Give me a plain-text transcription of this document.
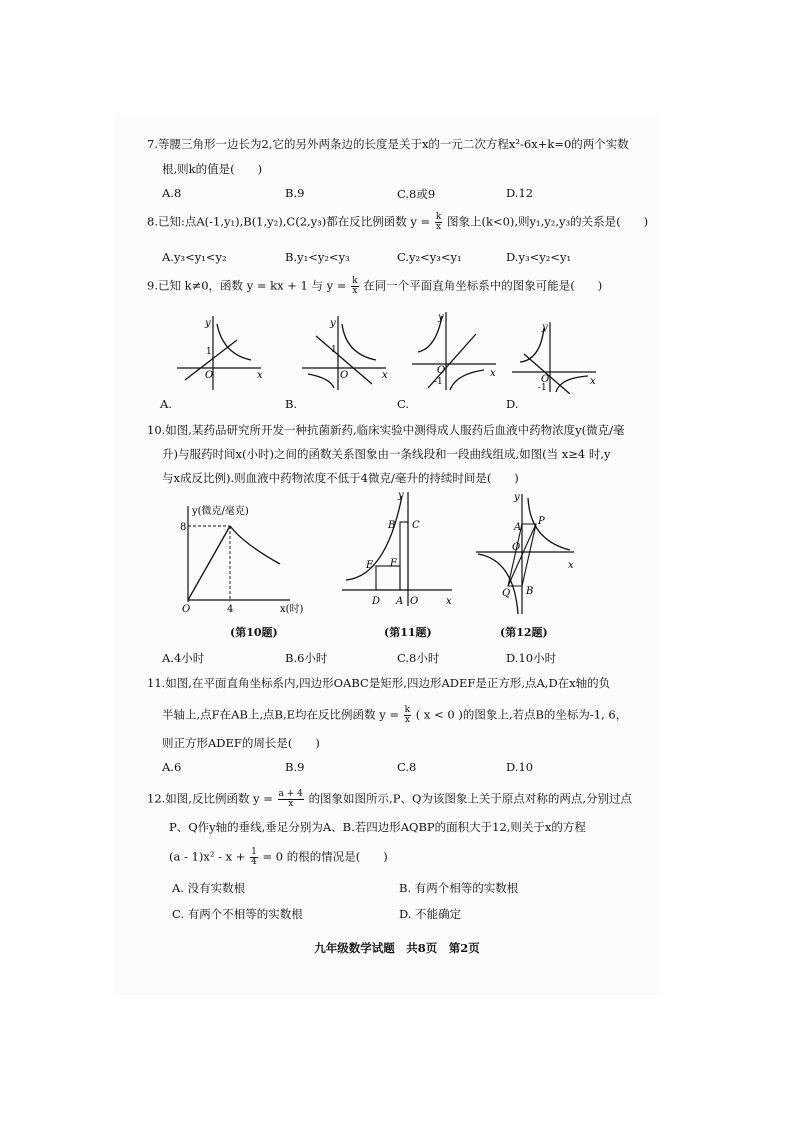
7.等腰三角形一边长为2,它的另外两条边的长度是关于x的一元二次方程x²-6x+k=0的两个实数
根,则k的值是(　　)
A.8	B.9	C.8或9	D.12
8.已知:点A(-1,y₁),B(1,y₂),C(2,y₃)都在反比例函数 $y = \frac{k}{x}$ 图象上(k<0),则y₁,y₂,y₃的关系是(　　)
A.y₃<y₁<y₂	B.y₁<y₂<y₃	C.y₂<y₃<y₁	D.y₃<y₂<y₁
9.已知 k≠0，函数 y = kx + 1 与 $y = \frac{k}{x}$ 在同一个平面直角坐标系中的图象可能是(　　)
y
x
O
1
A.
y
x
O
1
B.
y
x
O
-1
C.
y
x
O
-1
D.
10.如图,某药品研究所开发一种抗菌新药,临床实验中测得成人服药后血液中药物浓度y(微克/毫
升)与服药时间x(小时)之间的函数关系图象由一条线段和一段曲线组成,如图(当 x≥4 时,y
与x成反比例).则血液中药物浓度不低于4微克/毫升的持续时间是(　　)
y(微克/毫克)
8
4
O	x(时)
(第10题)
B C
E F
D A O	x
y
(第11题)
A
P
O
Q B
x
y
(第12题)
A.4小时	B.6小时	C.8小时	D.10小时
11.如图,在平面直角坐标系内,四边形OABC是矩形,四边形ADEF是正方形,点A,D在x轴的负
半轴上,点F在AB上,点B,E均在反比例函数 $y = \frac{k}{x}$ ( x < 0 )的图象上,若点B的坐标为-1, 6，
则正方形ADEF的周长是(　　)
A.6	B.9	C.8	D.10
12.如图,反比例函数 $y = \frac{a + 4}{x}$ 的图象如图所示,P、Q为该图象上关于原点对称的两点,分别过点
P、Q作y轴的垂线,垂足分别为A、B.若四边形AQBP的面积大于12,则关于x的方程
$(a - 1)x^2 - x + \frac{1}{4} = 0$ 的根的情况是(　　)
A. 没有实数根	B. 有两个相等的实数根
C. 有两个不相等的实数根	D. 不能确定
九年级数学试题　共8页　第2页
